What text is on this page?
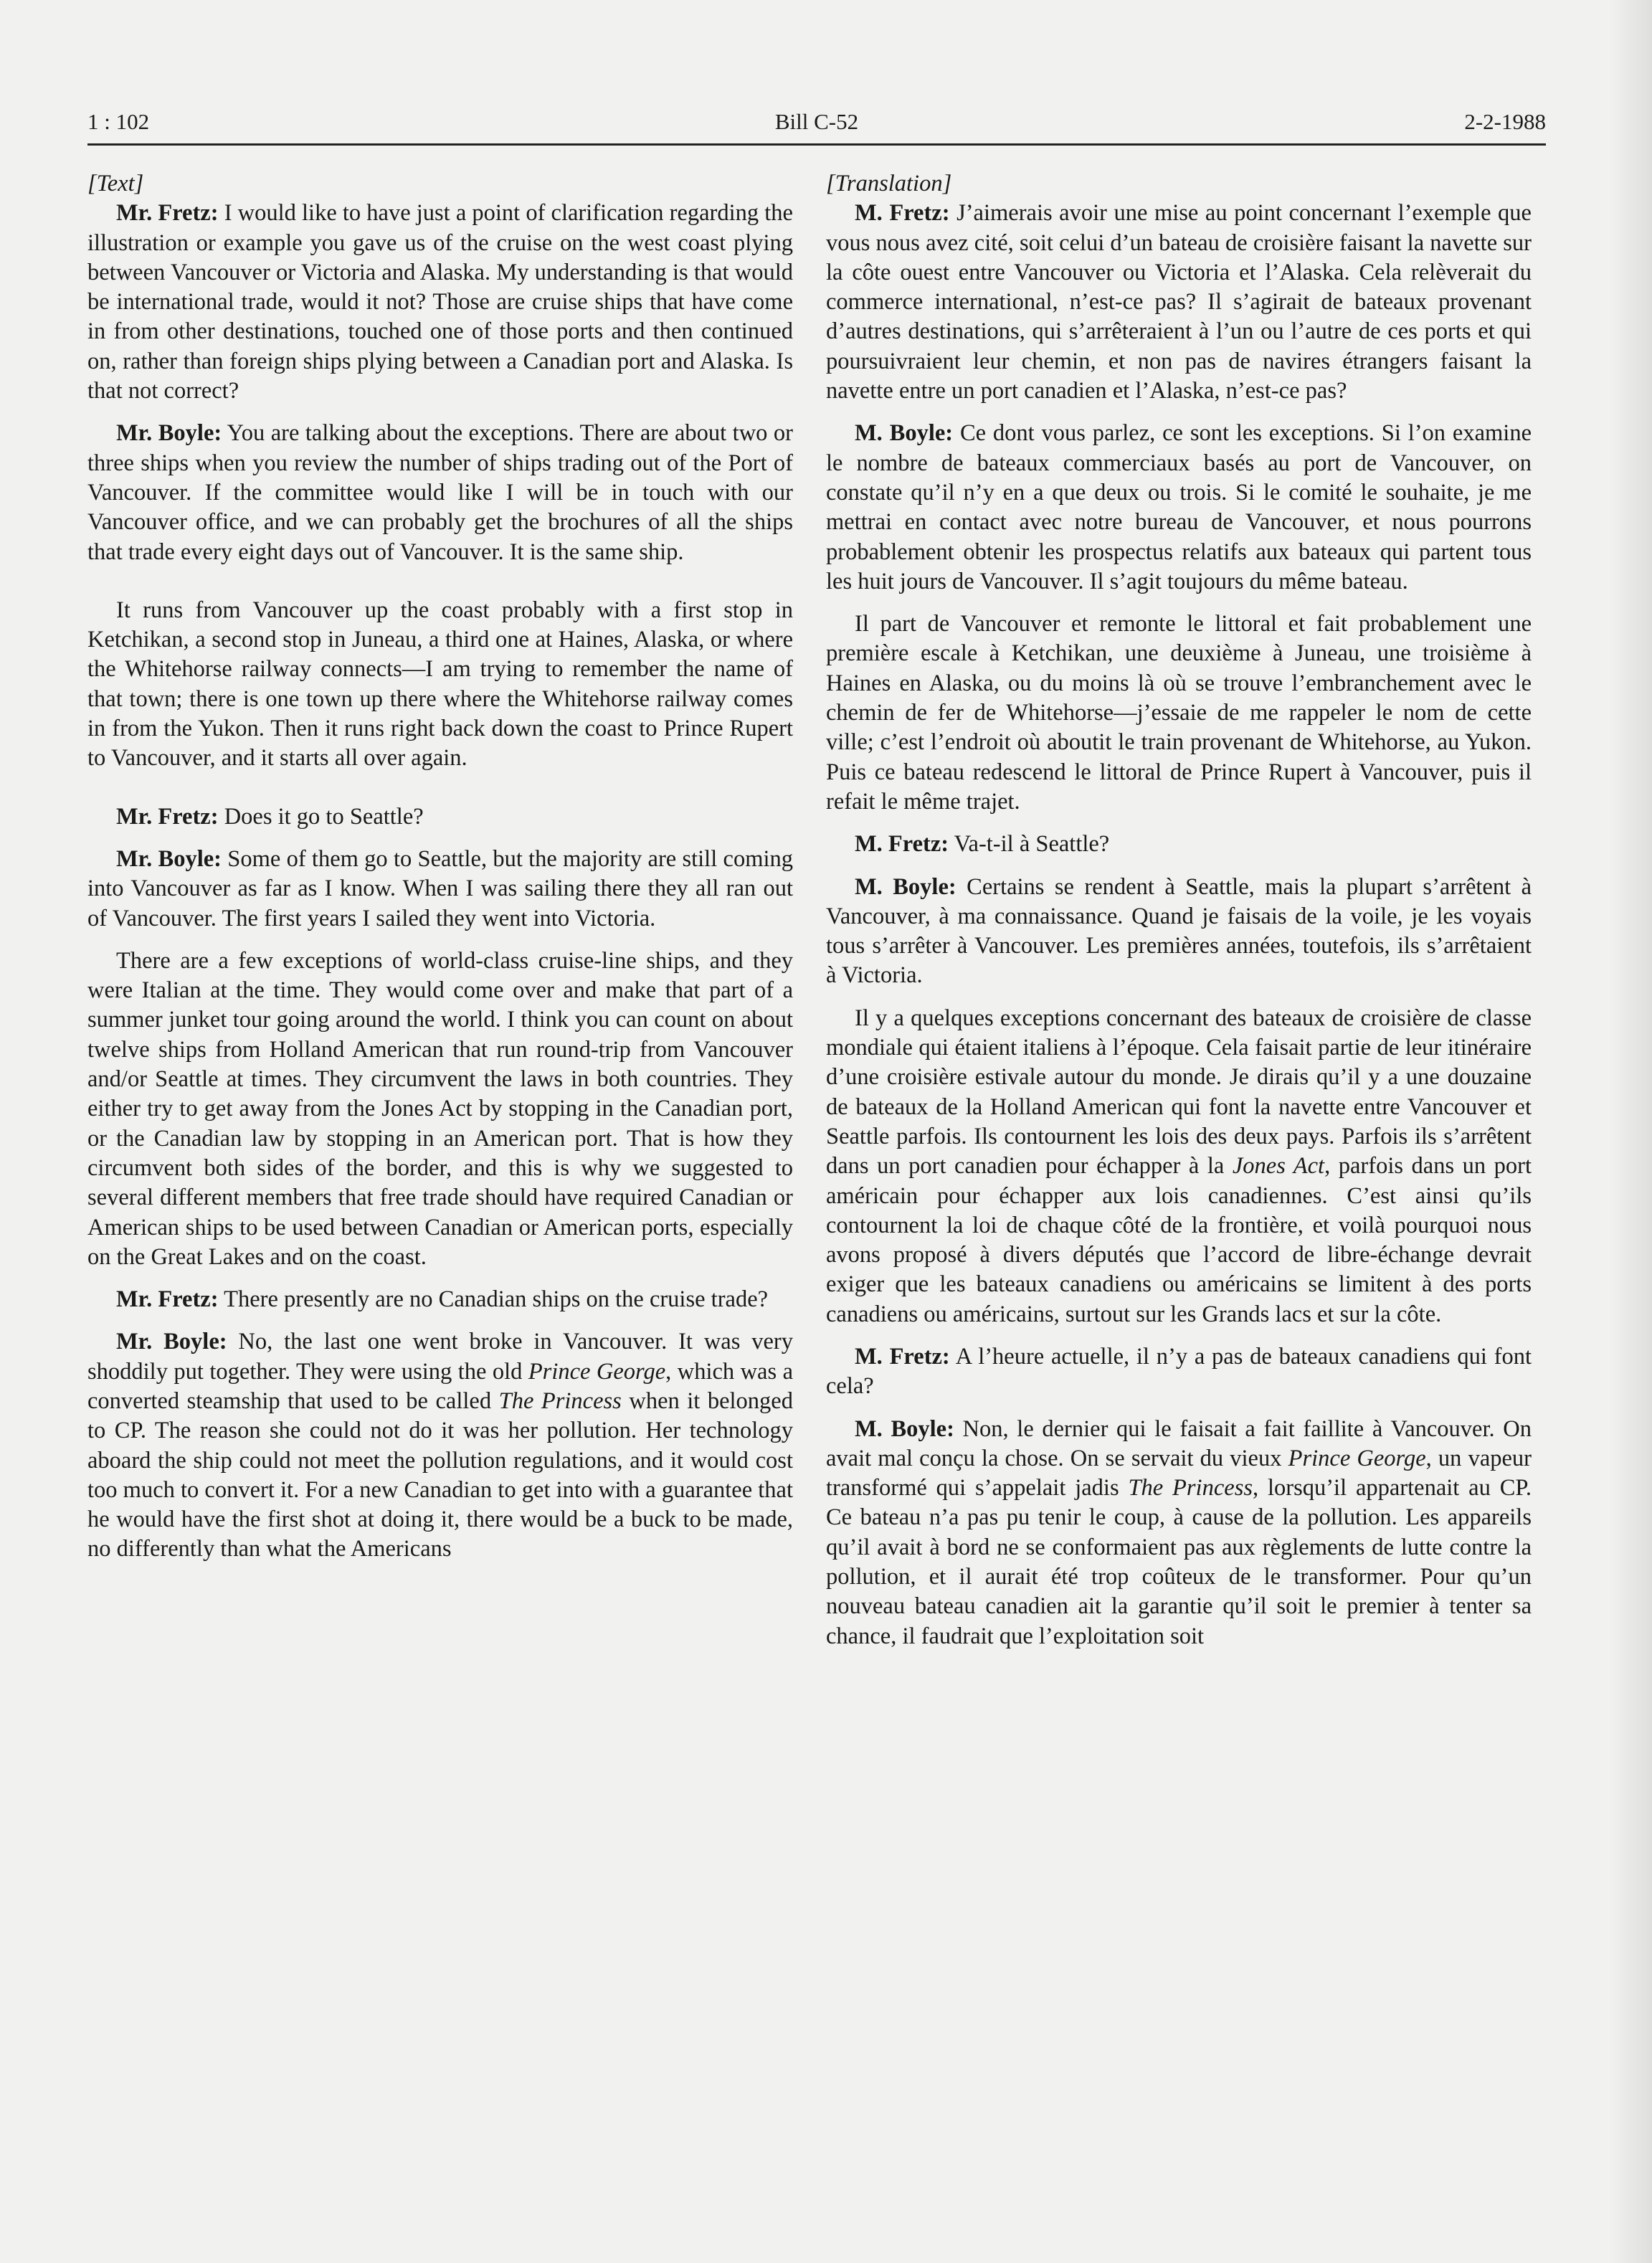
1 : 102	Bill C-52	2-2-1988

[Text]

Mr. Fretz: I would like to have just a point of clarification regarding the illustration or example you gave us of the cruise on the west coast plying between Vancouver or Victoria and Alaska. My understanding is that would be international trade, would it not? Those are cruise ships that have come in from other destinations, touched one of those ports and then continued on, rather than foreign ships plying between a Canadian port and Alaska. Is that not correct?

Mr. Boyle: You are talking about the exceptions. There are about two or three ships when you review the number of ships trading out of the Port of Vancouver. If the committee would like I will be in touch with our Vancouver office, and we can probably get the brochures of all the ships that trade every eight days out of Vancouver. It is the same ship.

It runs from Vancouver up the coast probably with a first stop in Ketchikan, a second stop in Juneau, a third one at Haines, Alaska, or where the Whitehorse railway connects—I am trying to remember the name of that town; there is one town up there where the Whitehorse railway comes in from the Yukon. Then it runs right back down the coast to Prince Rupert to Vancouver, and it starts all over again.

Mr. Fretz: Does it go to Seattle?

Mr. Boyle: Some of them go to Seattle, but the majority are still coming into Vancouver as far as I know. When I was sailing there they all ran out of Vancouver. The first years I sailed they went into Victoria.

There are a few exceptions of world-class cruise-line ships, and they were Italian at the time. They would come over and make that part of a summer junket tour going around the world. I think you can count on about twelve ships from Holland American that run round-trip from Vancouver and/or Seattle at times. They circumvent the laws in both countries. They either try to get away from the Jones Act by stopping in the Canadian port, or the Canadian law by stopping in an American port. That is how they circumvent both sides of the border, and this is why we suggested to several different members that free trade should have required Canadian or American ships to be used between Canadian or American ports, especially on the Great Lakes and on the coast.

Mr. Fretz: There presently are no Canadian ships on the cruise trade?

Mr. Boyle: No, the last one went broke in Vancouver. It was very shoddily put together. They were using the old Prince George, which was a converted steamship that used to be called The Princess when it belonged to CP. The reason she could not do it was her pollution. Her technology aboard the ship could not meet the pollution regulations, and it would cost too much to convert it. For a new Canadian to get into with a guarantee that he would have the first shot at doing it, there would be a buck to be made, no differently than what the Americans

[Translation]

M. Fretz: J’aimerais avoir une mise au point concernant l’exemple que vous nous avez cité, soit celui d’un bateau de croisière faisant la navette sur la côte ouest entre Vancouver ou Victoria et l’Alaska. Cela relèverait du commerce international, n’est-ce pas? Il s’agirait de bateaux provenant d’autres destinations, qui s’arrêteraient à l’un ou l’autre de ces ports et qui poursuivraient leur chemin, et non pas de navires étrangers faisant la navette entre un port canadien et l’Alaska, n’est-ce pas?

M. Boyle: Ce dont vous parlez, ce sont les exceptions. Si l’on examine le nombre de bateaux commerciaux basés au port de Vancouver, on constate qu’il n’y en a que deux ou trois. Si le comité le souhaite, je me mettrai en contact avec notre bureau de Vancouver, et nous pourrons probablement obtenir les prospectus relatifs aux bateaux qui partent tous les huit jours de Vancouver. Il s’agit toujours du même bateau.

Il part de Vancouver et remonte le littoral et fait probablement une première escale à Ketchikan, une deuxième à Juneau, une troisième à Haines en Alaska, ou du moins là où se trouve l’embranchement avec le chemin de fer de Whitehorse—j’essaie de me rappeler le nom de cette ville; c’est l’endroit où aboutit le train provenant de Whitehorse, au Yukon. Puis ce bateau redescend le littoral de Prince Rupert à Vancouver, puis il refait le même trajet.

M. Fretz: Va-t-il à Seattle?

M. Boyle: Certains se rendent à Seattle, mais la plupart s’arrêtent à Vancouver, à ma connaissance. Quand je faisais de la voile, je les voyais tous s’arrêter à Vancouver. Les premières années, toutefois, ils s’arrêtaient à Victoria.

Il y a quelques exceptions concernant des bateaux de croisière de classe mondiale qui étaient italiens à l’époque. Cela faisait partie de leur itinéraire d’une croisière estivale autour du monde. Je dirais qu’il y a une douzaine de bateaux de la Holland American qui font la navette entre Vancouver et Seattle parfois. Ils contournent les lois des deux pays. Parfois ils s’arrêtent dans un port canadien pour échapper à la Jones Act, parfois dans un port américain pour échapper aux lois canadiennes. C’est ainsi qu’ils contournent la loi de chaque côté de la frontière, et voilà pourquoi nous avons proposé à divers députés que l’accord de libre-échange devrait exiger que les bateaux canadiens ou américains se limitent à des ports canadiens ou américains, surtout sur les Grands lacs et sur la côte.

M. Fretz: A l’heure actuelle, il n’y a pas de bateaux canadiens qui font cela?

M. Boyle: Non, le dernier qui le faisait a fait faillite à Vancouver. On avait mal conçu la chose. On se servait du vieux Prince George, un vapeur transformé qui s’appelait jadis The Princess, lorsqu’il appartenait au CP. Ce bateau n’a pas pu tenir le coup, à cause de la pollution. Les appareils qu’il avait à bord ne se conformaient pas aux règlements de lutte contre la pollution, et il aurait été trop coûteux de le transformer. Pour qu’un nouveau bateau canadien ait la garantie qu’il soit le premier à tenter sa chance, il faudrait que l’exploitation soit
